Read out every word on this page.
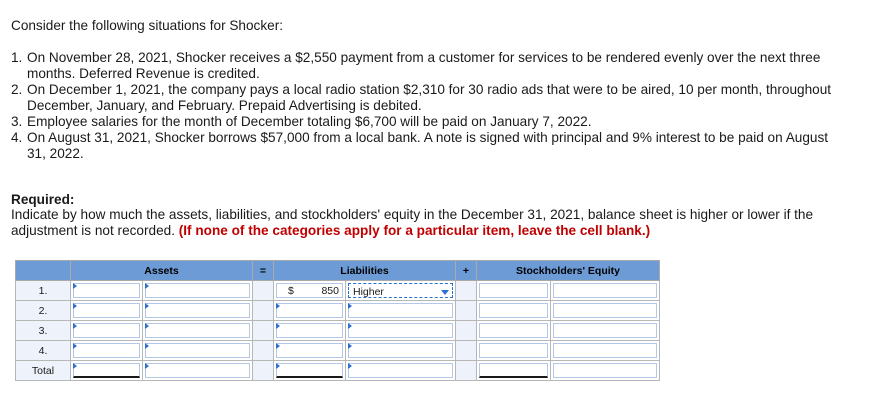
Consider the following situations for Shocker:

1. On November 28, 2021, Shocker receives a $2,550 payment from a customer for services to be rendered evenly over the next three months. Deferred Revenue is credited.
2. On December 1, 2021, the company pays a local radio station $2,310 for 30 radio ads that were to be aired, 10 per month, throughout December, January, and February. Prepaid Advertising is debited.
3. Employee salaries for the month of December totaling $6,700 will be paid on January 7, 2022.
4. On August 31, 2021, Shocker borrows $57,000 from a local bank. A note is signed with principal and 9% interest to be paid on August 31, 2022.

Required:

Indicate by how much the assets, liabilities, and stockholders' equity in the December 31, 2021, balance sheet is higher or lower if the adjustment is not recorded. (If none of the categories apply for a particular item, leave the cell blank.)

	Assets		=	Liabilities		+	Stockholders' Equity	
1.				$ 850	Higher			

2.	

3.	

4.	

Total	
